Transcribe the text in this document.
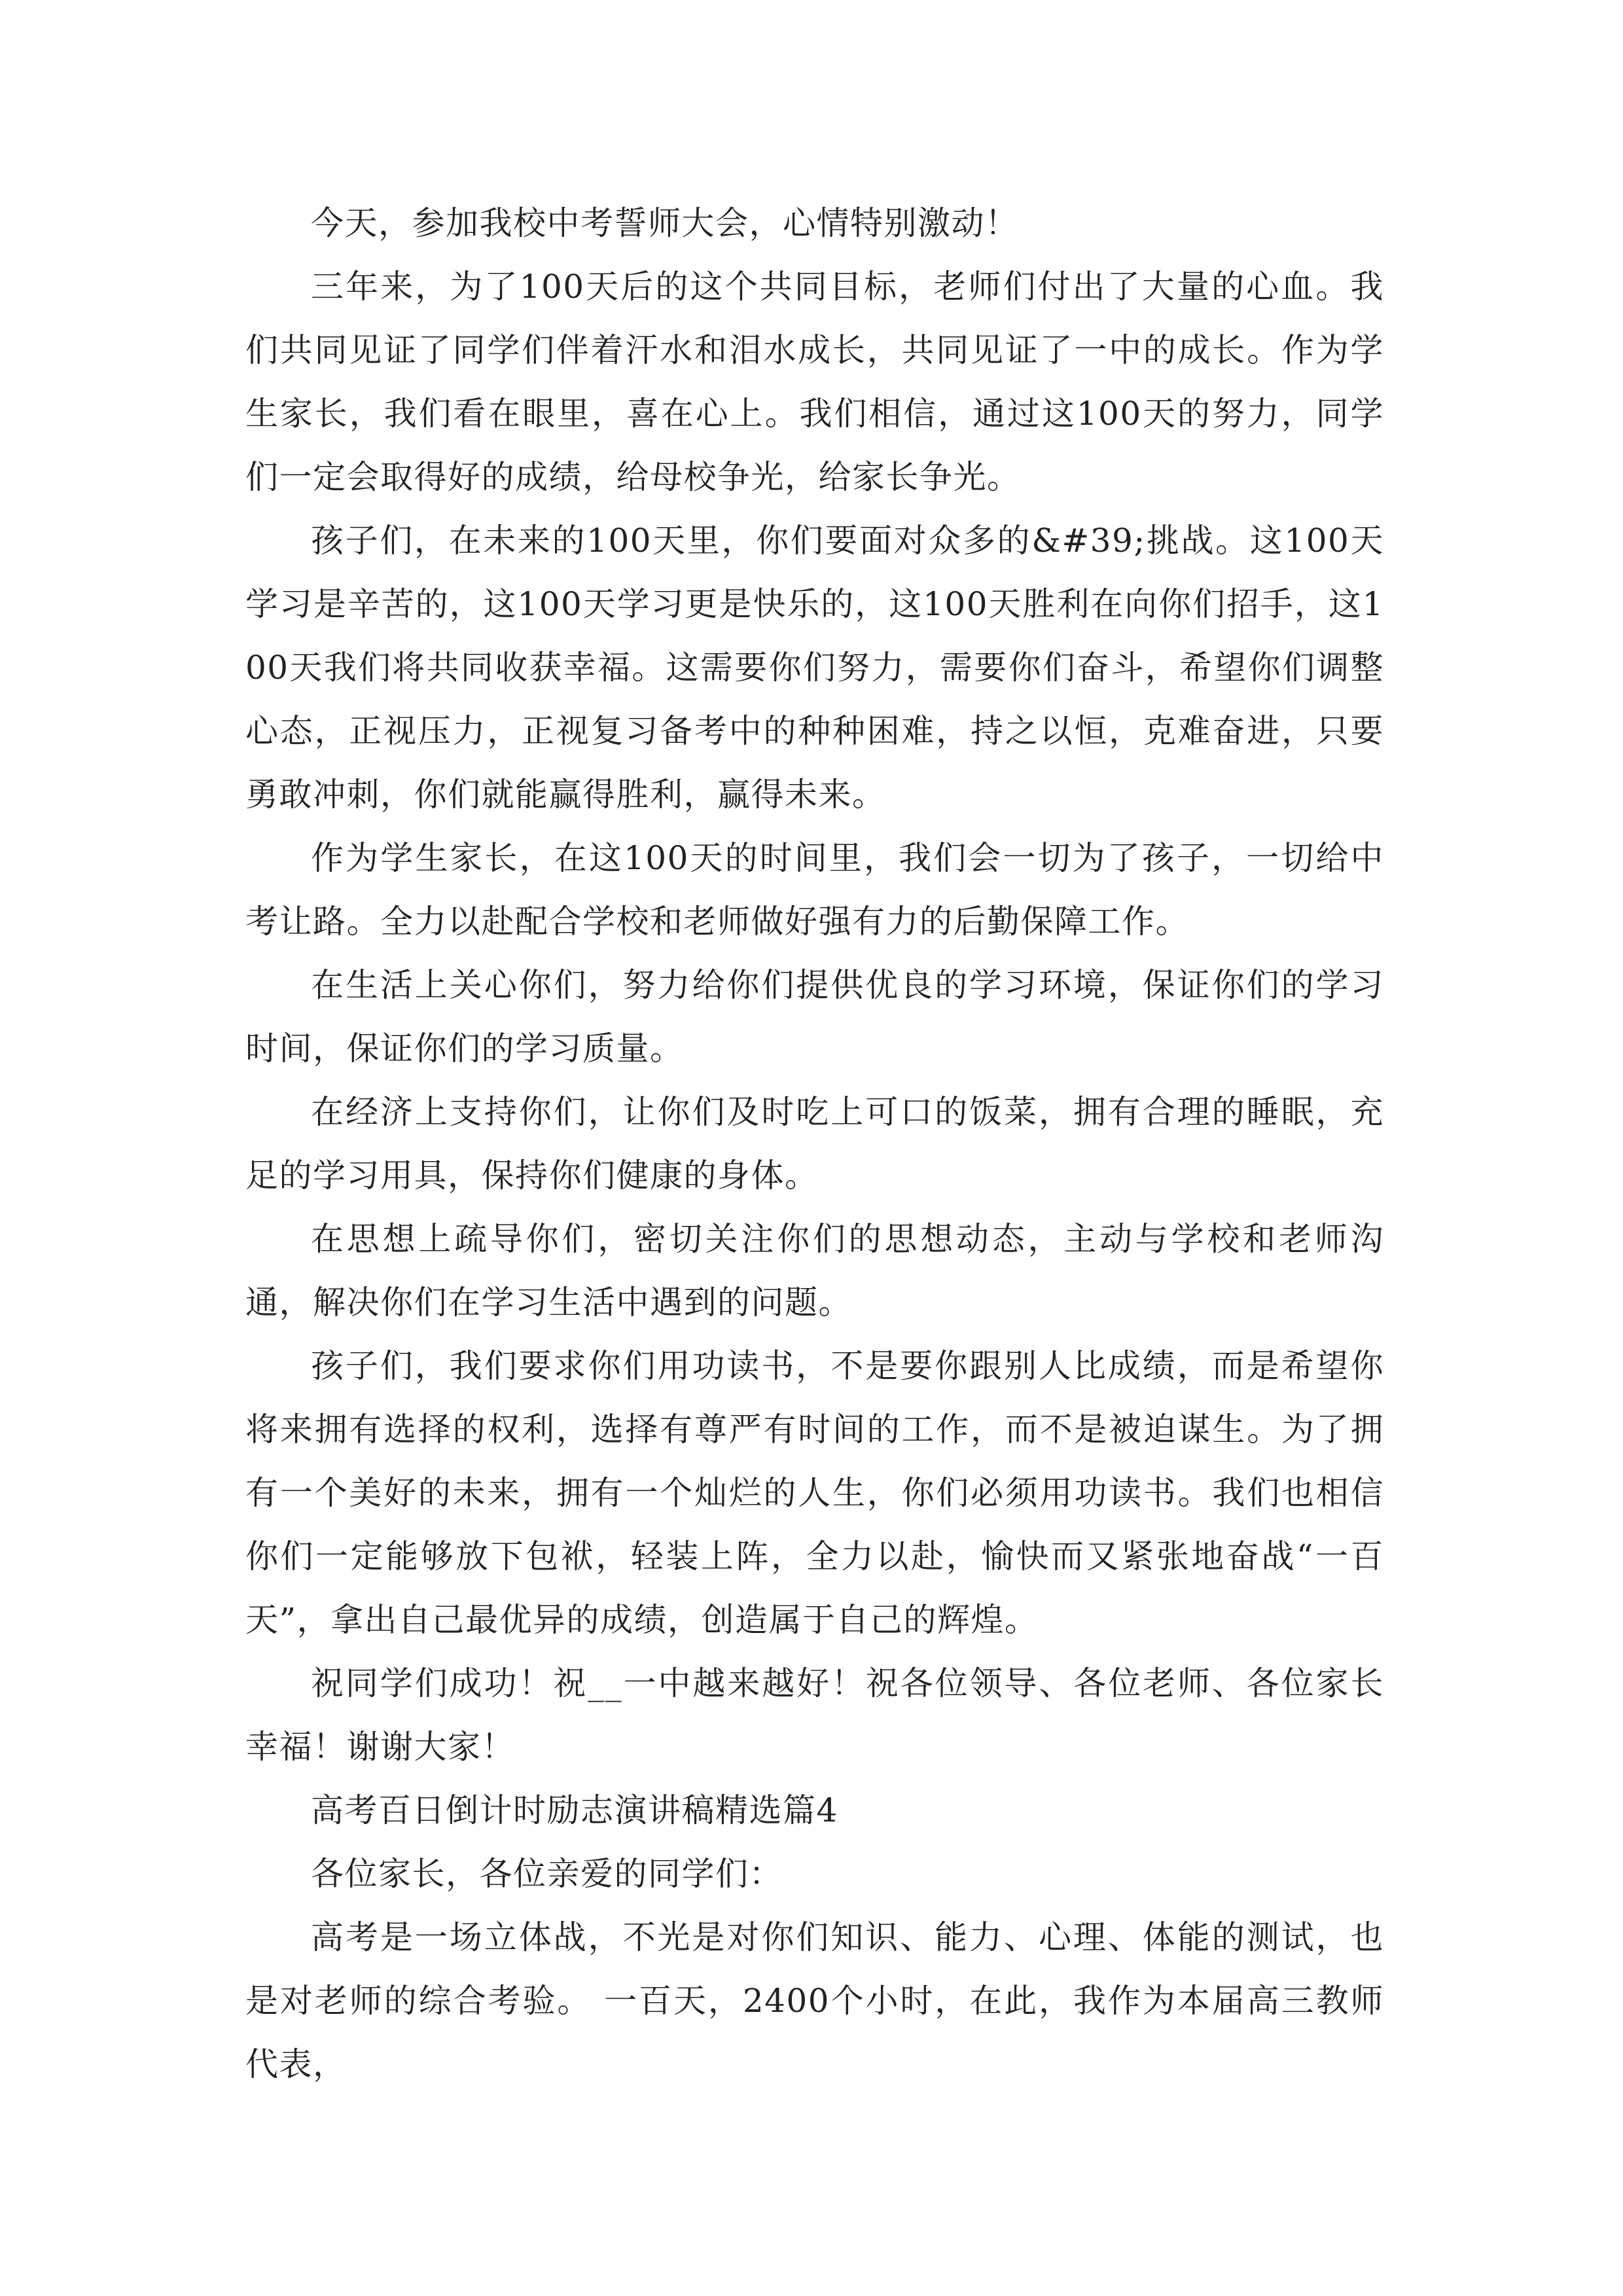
今天，参加我校中考誓师大会，心情特别激动！

三年来，为了100天后的这个共同目标，老师们付出了大量的心血。我们共同见证了同学们伴着汗水和泪水成长，共同见证了一中的成长。作为学生家长，我们看在眼里，喜在心上。我们相信，通过这100天的努力，同学们一定会取得好的成绩，给母校争光，给家长争光。

孩子们，在未来的100天里，你们要面对众多的&#39;挑战。这100天学习是辛苦的，这100天学习更是快乐的，这100天胜利在向你们招手，这100天我们将共同收获幸福。这需要你们努力，需要你们奋斗，希望你们调整心态，正视压力，正视复习备考中的种种困难，持之以恒，克难奋进，只要勇敢冲刺，你们就能赢得胜利，赢得未来。

作为学生家长，在这100天的时间里，我们会一切为了孩子，一切给中考让路。全力以赴配合学校和老师做好强有力的后勤保障工作。

在生活上关心你们，努力给你们提供优良的学习环境，保证你们的学习时间，保证你们的学习质量。

在经济上支持你们，让你们及时吃上可口的饭菜，拥有合理的睡眠，充足的学习用具，保持你们健康的身体。

在思想上疏导你们，密切关注你们的思想动态，主动与学校和老师沟通，解决你们在学习生活中遇到的问题。

孩子们，我们要求你们用功读书，不是要你跟别人比成绩，而是希望你将来拥有选择的权利，选择有尊严有时间的工作，而不是被迫谋生。为了拥有一个美好的未来，拥有一个灿烂的人生，你们必须用功读书。我们也相信你们一定能够放下包袱，轻装上阵，全力以赴，愉快而又紧张地奋战“一百天”，拿出自己最优异的成绩，创造属于自己的辉煌。

祝同学们成功！祝__一中越来越好！祝各位领导、各位老师、各位家长幸福！谢谢大家！

高考百日倒计时励志演讲稿精选篇4

各位家长，各位亲爱的同学们：

高考是一场立体战，不光是对你们知识、能力、心理、体能的测试，也是对老师的综合考验。 一百天，2400个小时，在此，我作为本届高三教师代表，
